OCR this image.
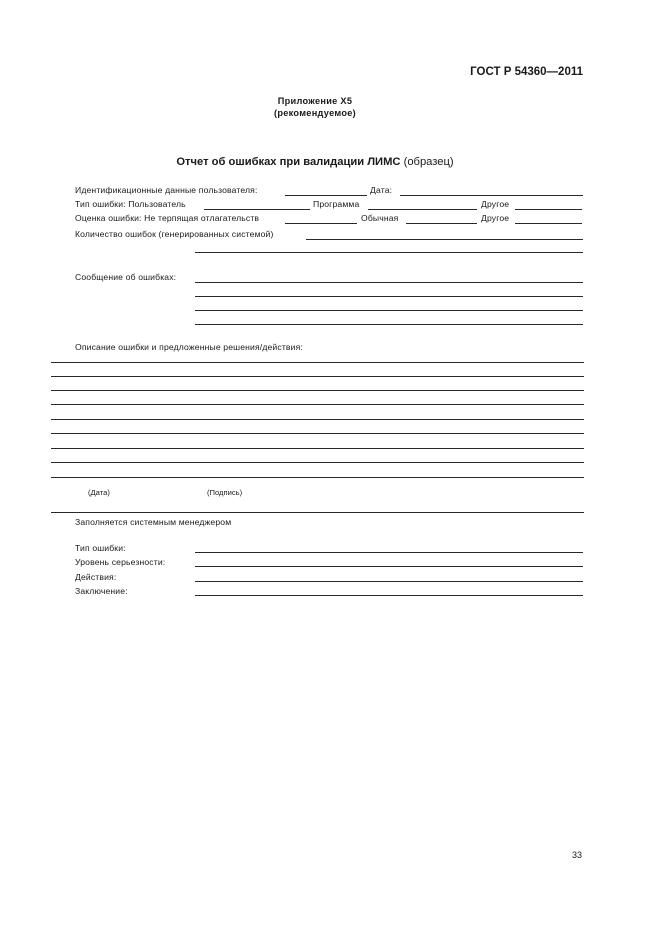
ГОСТ Р 54360—2011
Приложение Х5
(рекомендуемое)
Отчет об ошибках при валидации ЛИМС (образец)
Идентификационные данные пользователя:	Дата:
Тип ошибки: Пользователь	Программа	Другое
Оценка ошибки: Не терпящая отлагательств	Обычная	Другое
Количество ошибок (генерированных системой)
Сообщение об ошибках:
Описание ошибки и предложенные решения/действия:
(Дата)	(Подпись)
Заполняется системным менеджером
Тип ошибки:
Уровень серьезности:
Действия:
Заключение:
33
